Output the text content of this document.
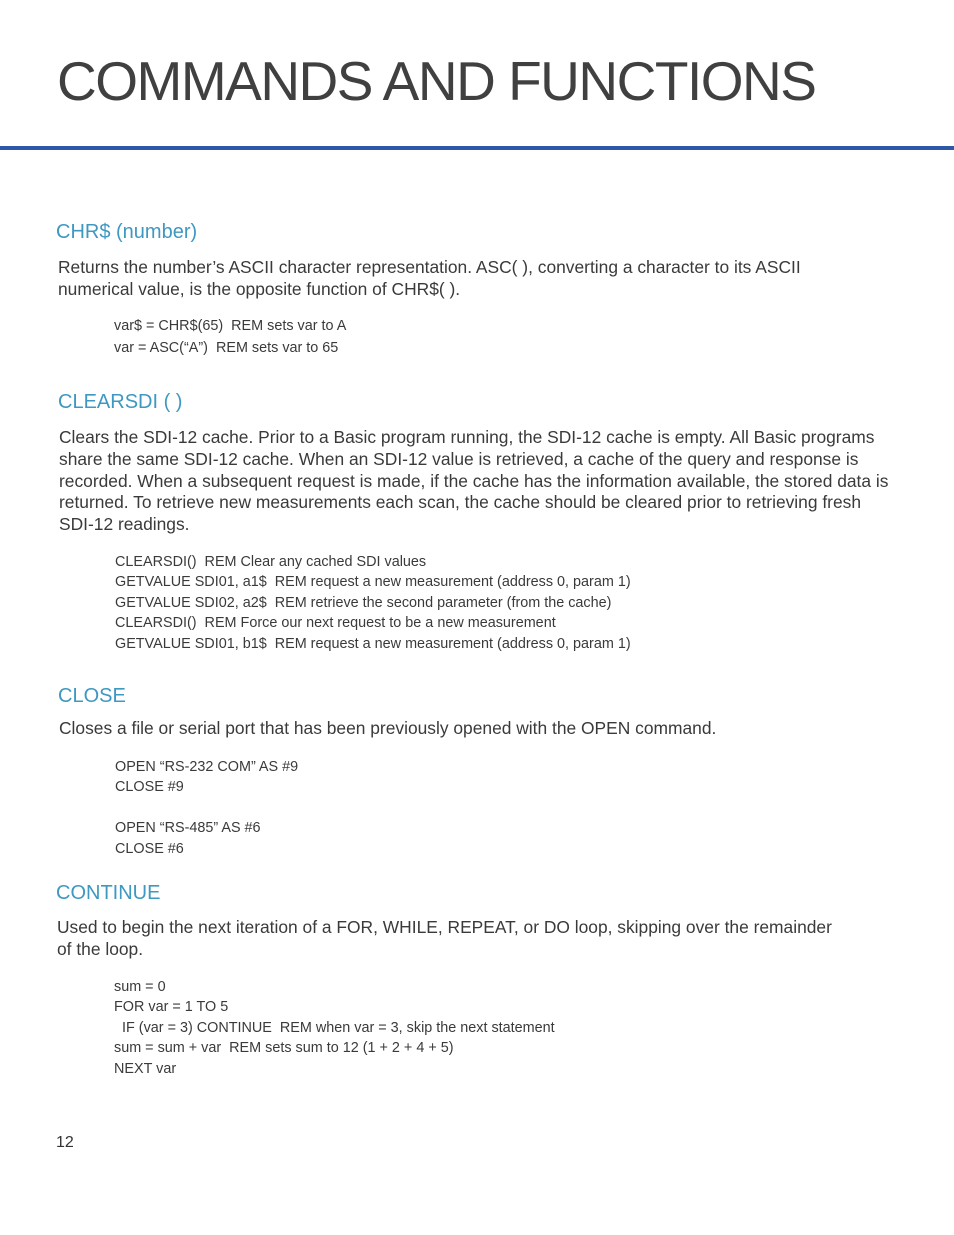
COMMANDS AND FUNCTIONS
CHR$ (number)

Returns the number’s ASCII character representation. ASC( ), converting a character to its ASCII numerical value, is the opposite function of CHR$( ).

var$ = CHR$(65)  REM sets var to A
var = ASC(“A”)  REM sets var to 65
CLEARSDI ( )

Clears the SDI-12 cache. Prior to a Basic program running, the SDI-12 cache is empty. All Basic programs share the same SDI-12 cache. When an SDI-12 value is retrieved, a cache of the query and response is recorded. When a subsequent request is made, if the cache has the information available, the stored data is returned. To retrieve new measurements each scan, the cache should be cleared prior to retrieving fresh SDI-12 readings.

CLEARSDI()  REM Clear any cached SDI values
GETVALUE SDI01, a1$  REM request a new measurement (address 0, param 1)
GETVALUE SDI02, a2$  REM retrieve the second parameter (from the cache)
CLEARSDI()  REM Force our next request to be a new measurement
GETVALUE SDI01, b1$  REM request a new measurement (address 0, param 1)
CLOSE

Closes a file or serial port that has been previously opened with the OPEN command.

OPEN “RS-232 COM” AS #9
CLOSE #9
OPEN “RS-485” AS #6
CLOSE #6
CONTINUE

Used to begin the next iteration of a FOR, WHILE, REPEAT, or DO loop, skipping over the remainder of the loop.

sum = 0
FOR var = 1 TO 5
IF (var = 3) CONTINUE  REM when var = 3, skip the next statement
sum = sum + var  REM sets sum to 12 (1 + 2 + 4 + 5)
NEXT var
12
